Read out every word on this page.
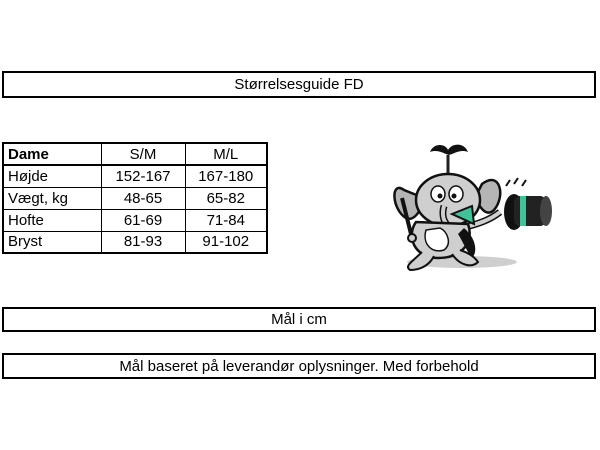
Størrelsesguide FD
Dame	S/M	M/L
Højde	152-167	167-180
Vægt, kg	48-65	65-82
Hofte	61-69	71-84
Bryst	81-93	91-102
Mål i cm
Mål baseret på leverandør oplysninger. Med forbehold
